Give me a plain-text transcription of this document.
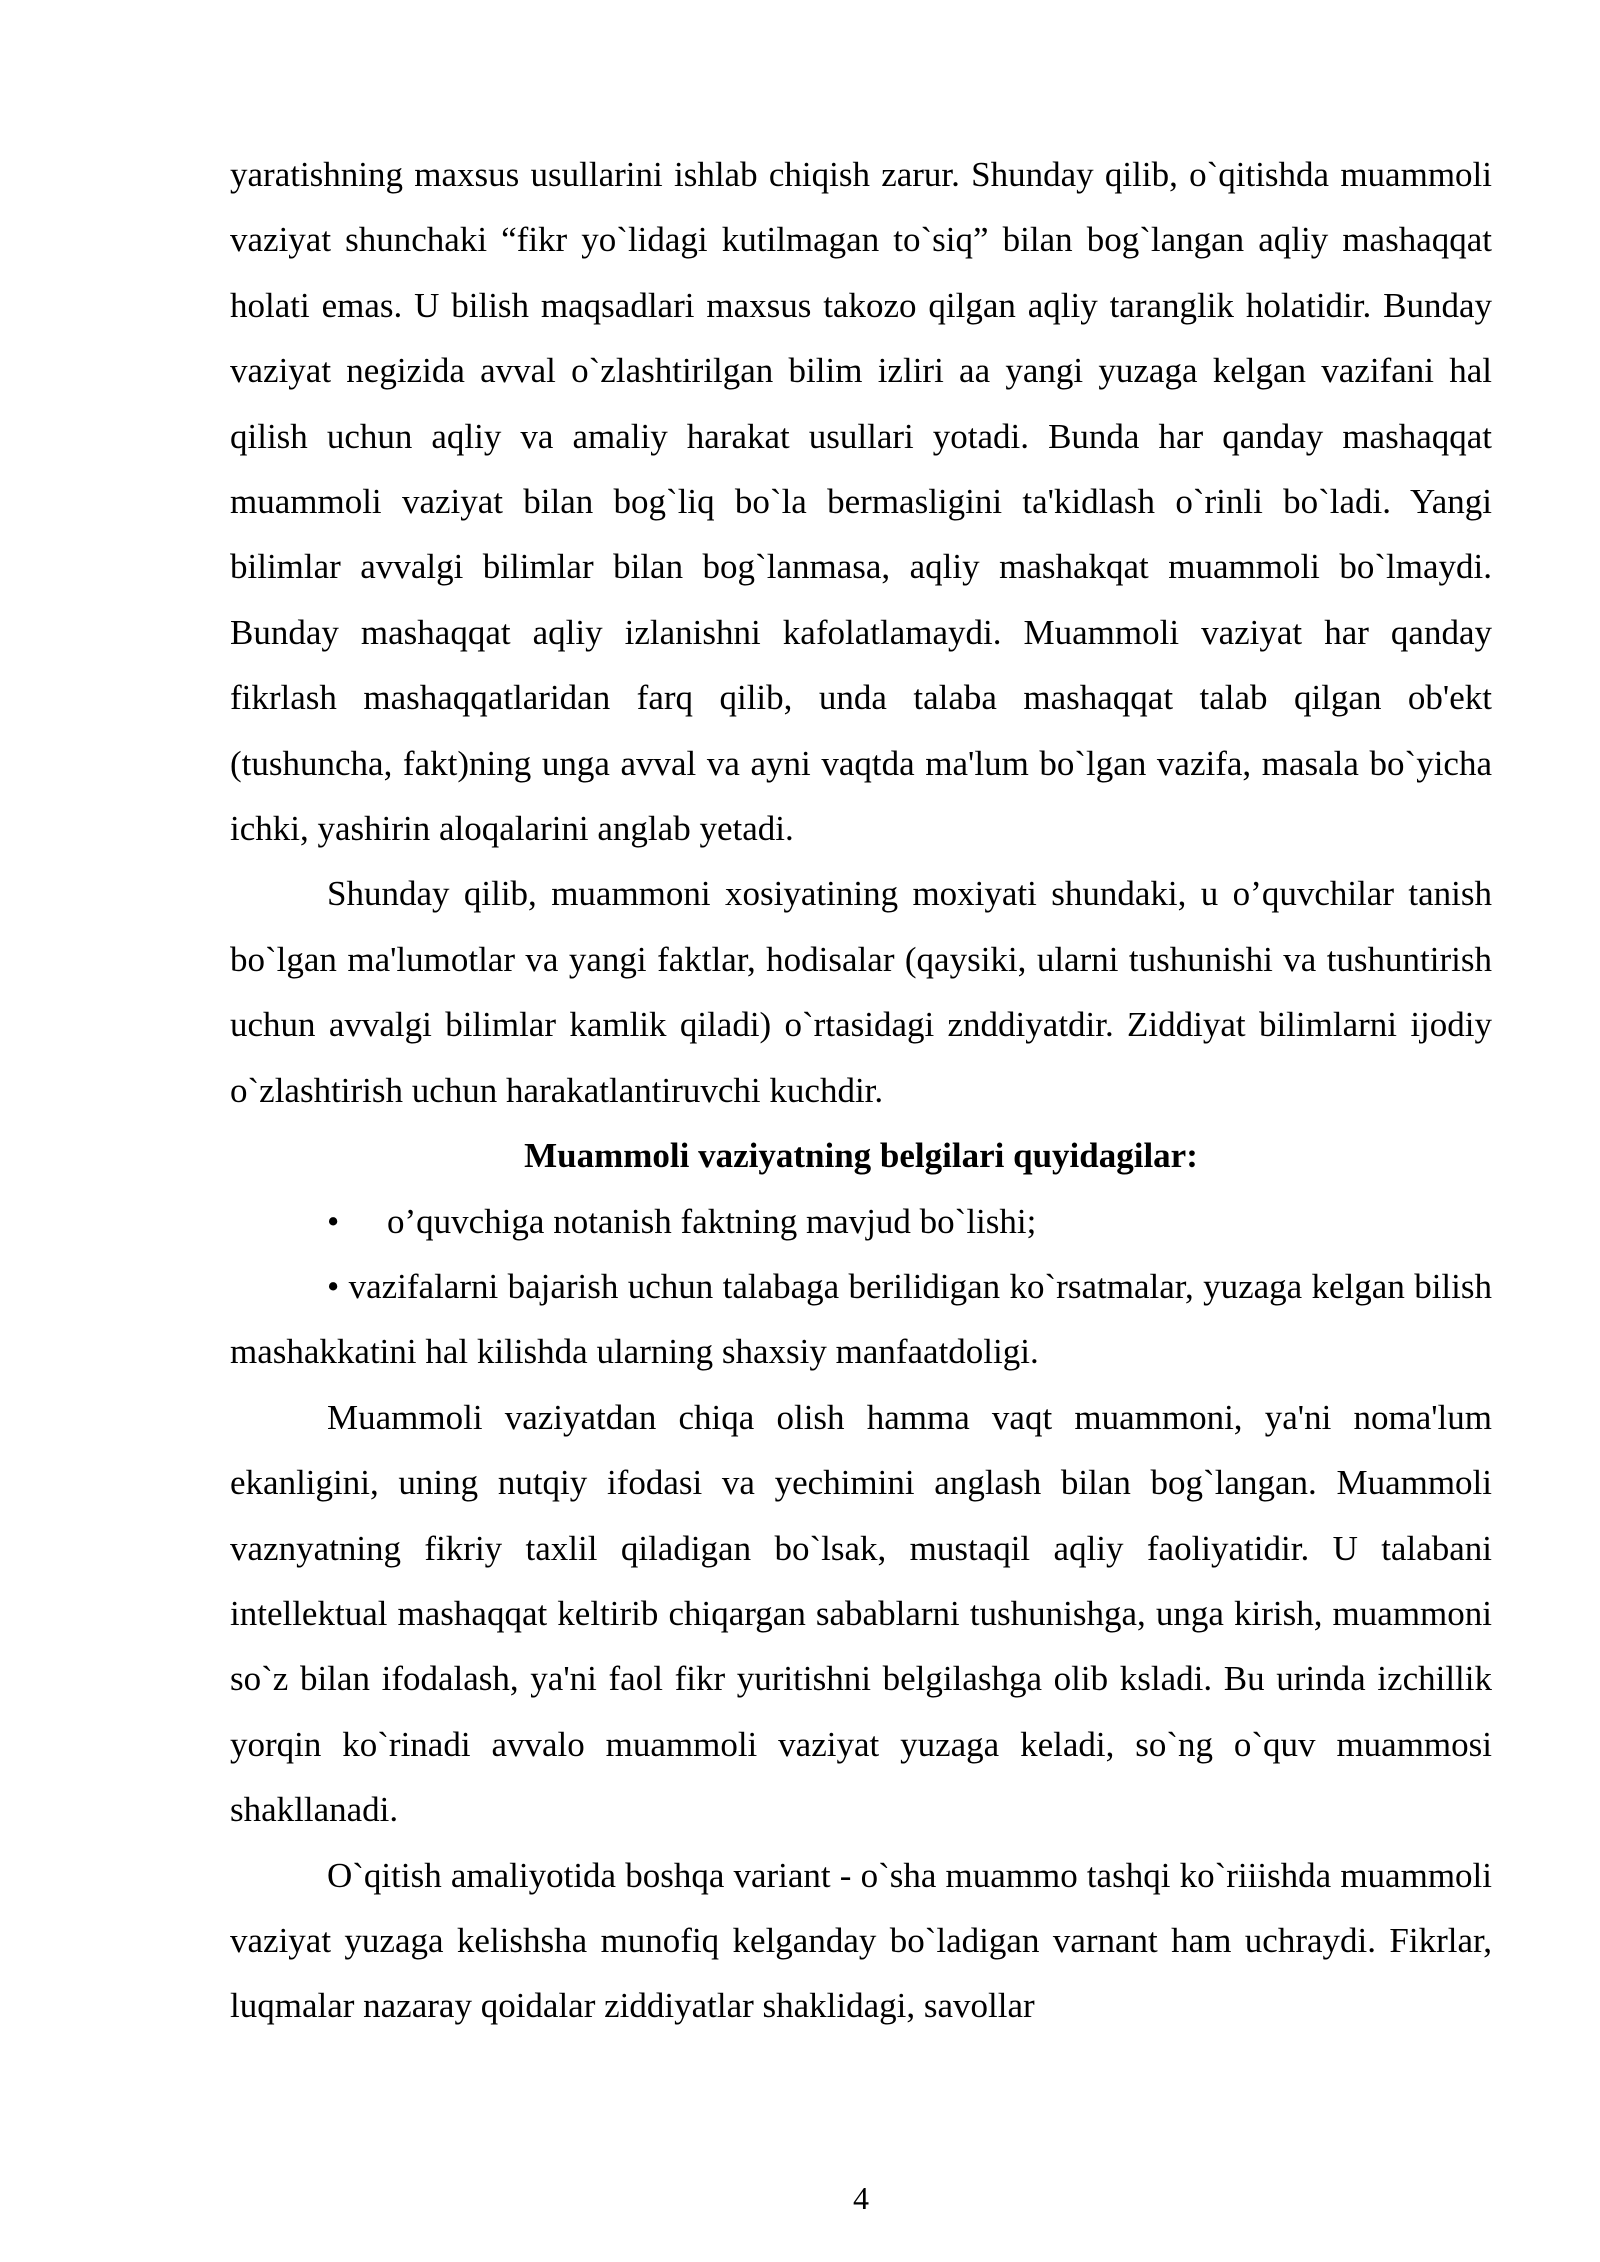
yaratishning maxsus usullarini ishlab chiqish zarur. Shunday qilib, o`qitishda muammoli vaziyat shunchaki “fikr yo`lidagi kutilmagan to`siq” bilan bog`langan aqliy mashaqqat holati emas. U bilish maqsadlari maxsus takozo qilgan aqliy taranglik holatidir. Bunday vaziyat negizida avval o`zlashtirilgan bilim izliri aa yangi yuzaga kelgan vazifani hal qilish uchun aqliy va amaliy harakat usullari yotadi. Bunda har qanday mashaqqat muammoli vaziyat bilan bog`liq bo`la bermasligini ta'kidlash o`rinli bo`ladi. Yangi bilimlar avvalgi bilimlar bilan bog`lanmasa, aqliy mashakqat muammoli bo`lmaydi. Bunday mashaqqat aqliy izlanishni kafolatlamaydi. Muammoli vaziyat har qanday fikrlash mashaqqatlaridan farq qilib, unda talaba mashaqqat talab qilgan ob'ekt (tushuncha, fakt)ning unga avval va ayni vaqtda ma'lum bo`lgan vazifa, masala bo`yicha ichki, yashirin aloqalarini anglab yetadi.

Shunday qilib, muammoni xosiyatining moxiyati shundaki, u o’quvchilar tanish bo`lgan ma'lumotlar va yangi faktlar, hodisalar (qaysiki, ularni tushunishi va tushuntirish uchun avvalgi bilimlar kamlik qiladi) o`rtasidagi znddiyatdir. Ziddiyat bilimlarni ijodiy o`zlashtirish uchun harakatlantiruvchi kuchdir.

Muammoli vaziyatning belgilari quyidagilar:

• o’quvchiga notanish faktning mavjud bo`lishi;

• vazifalarni bajarish uchun talabaga berilidigan ko`rsatmalar, yuzaga kelgan bilish mashakkatini hal kilishda ularning shaxsiy manfaatdoligi.

Muammoli vaziyatdan chiqa olish hamma vaqt muammoni, ya'ni noma'lum ekanligini, uning nutqiy ifodasi va yechimini anglash bilan bog`langan. Muammoli vaznyatning fikriy taxlil qiladigan bo`lsak, mustaqil aqliy faoliyatidir. U talabani intellektual mashaqqat keltirib chiqargan sabablarni tushunishga, unga kirish, muammoni so`z bilan ifodalash, ya'ni faol fikr yuritishni belgilashga olib ksladi. Bu urinda izchillik yorqin ko`rinadi avvalo muammoli vaziyat yuzaga keladi, so`ng o`quv muammosi shakllanadi.

O`qitish amaliyotida boshqa variant - o`sha muammo tashqi ko`riiishda muammoli vaziyat yuzaga kelishsha munofiq kelganday bo`ladigan varnant ham uchraydi. Fikrlar, luqmalar nazaray qoidalar ziddiyatlar shaklidagi, savollar

4
